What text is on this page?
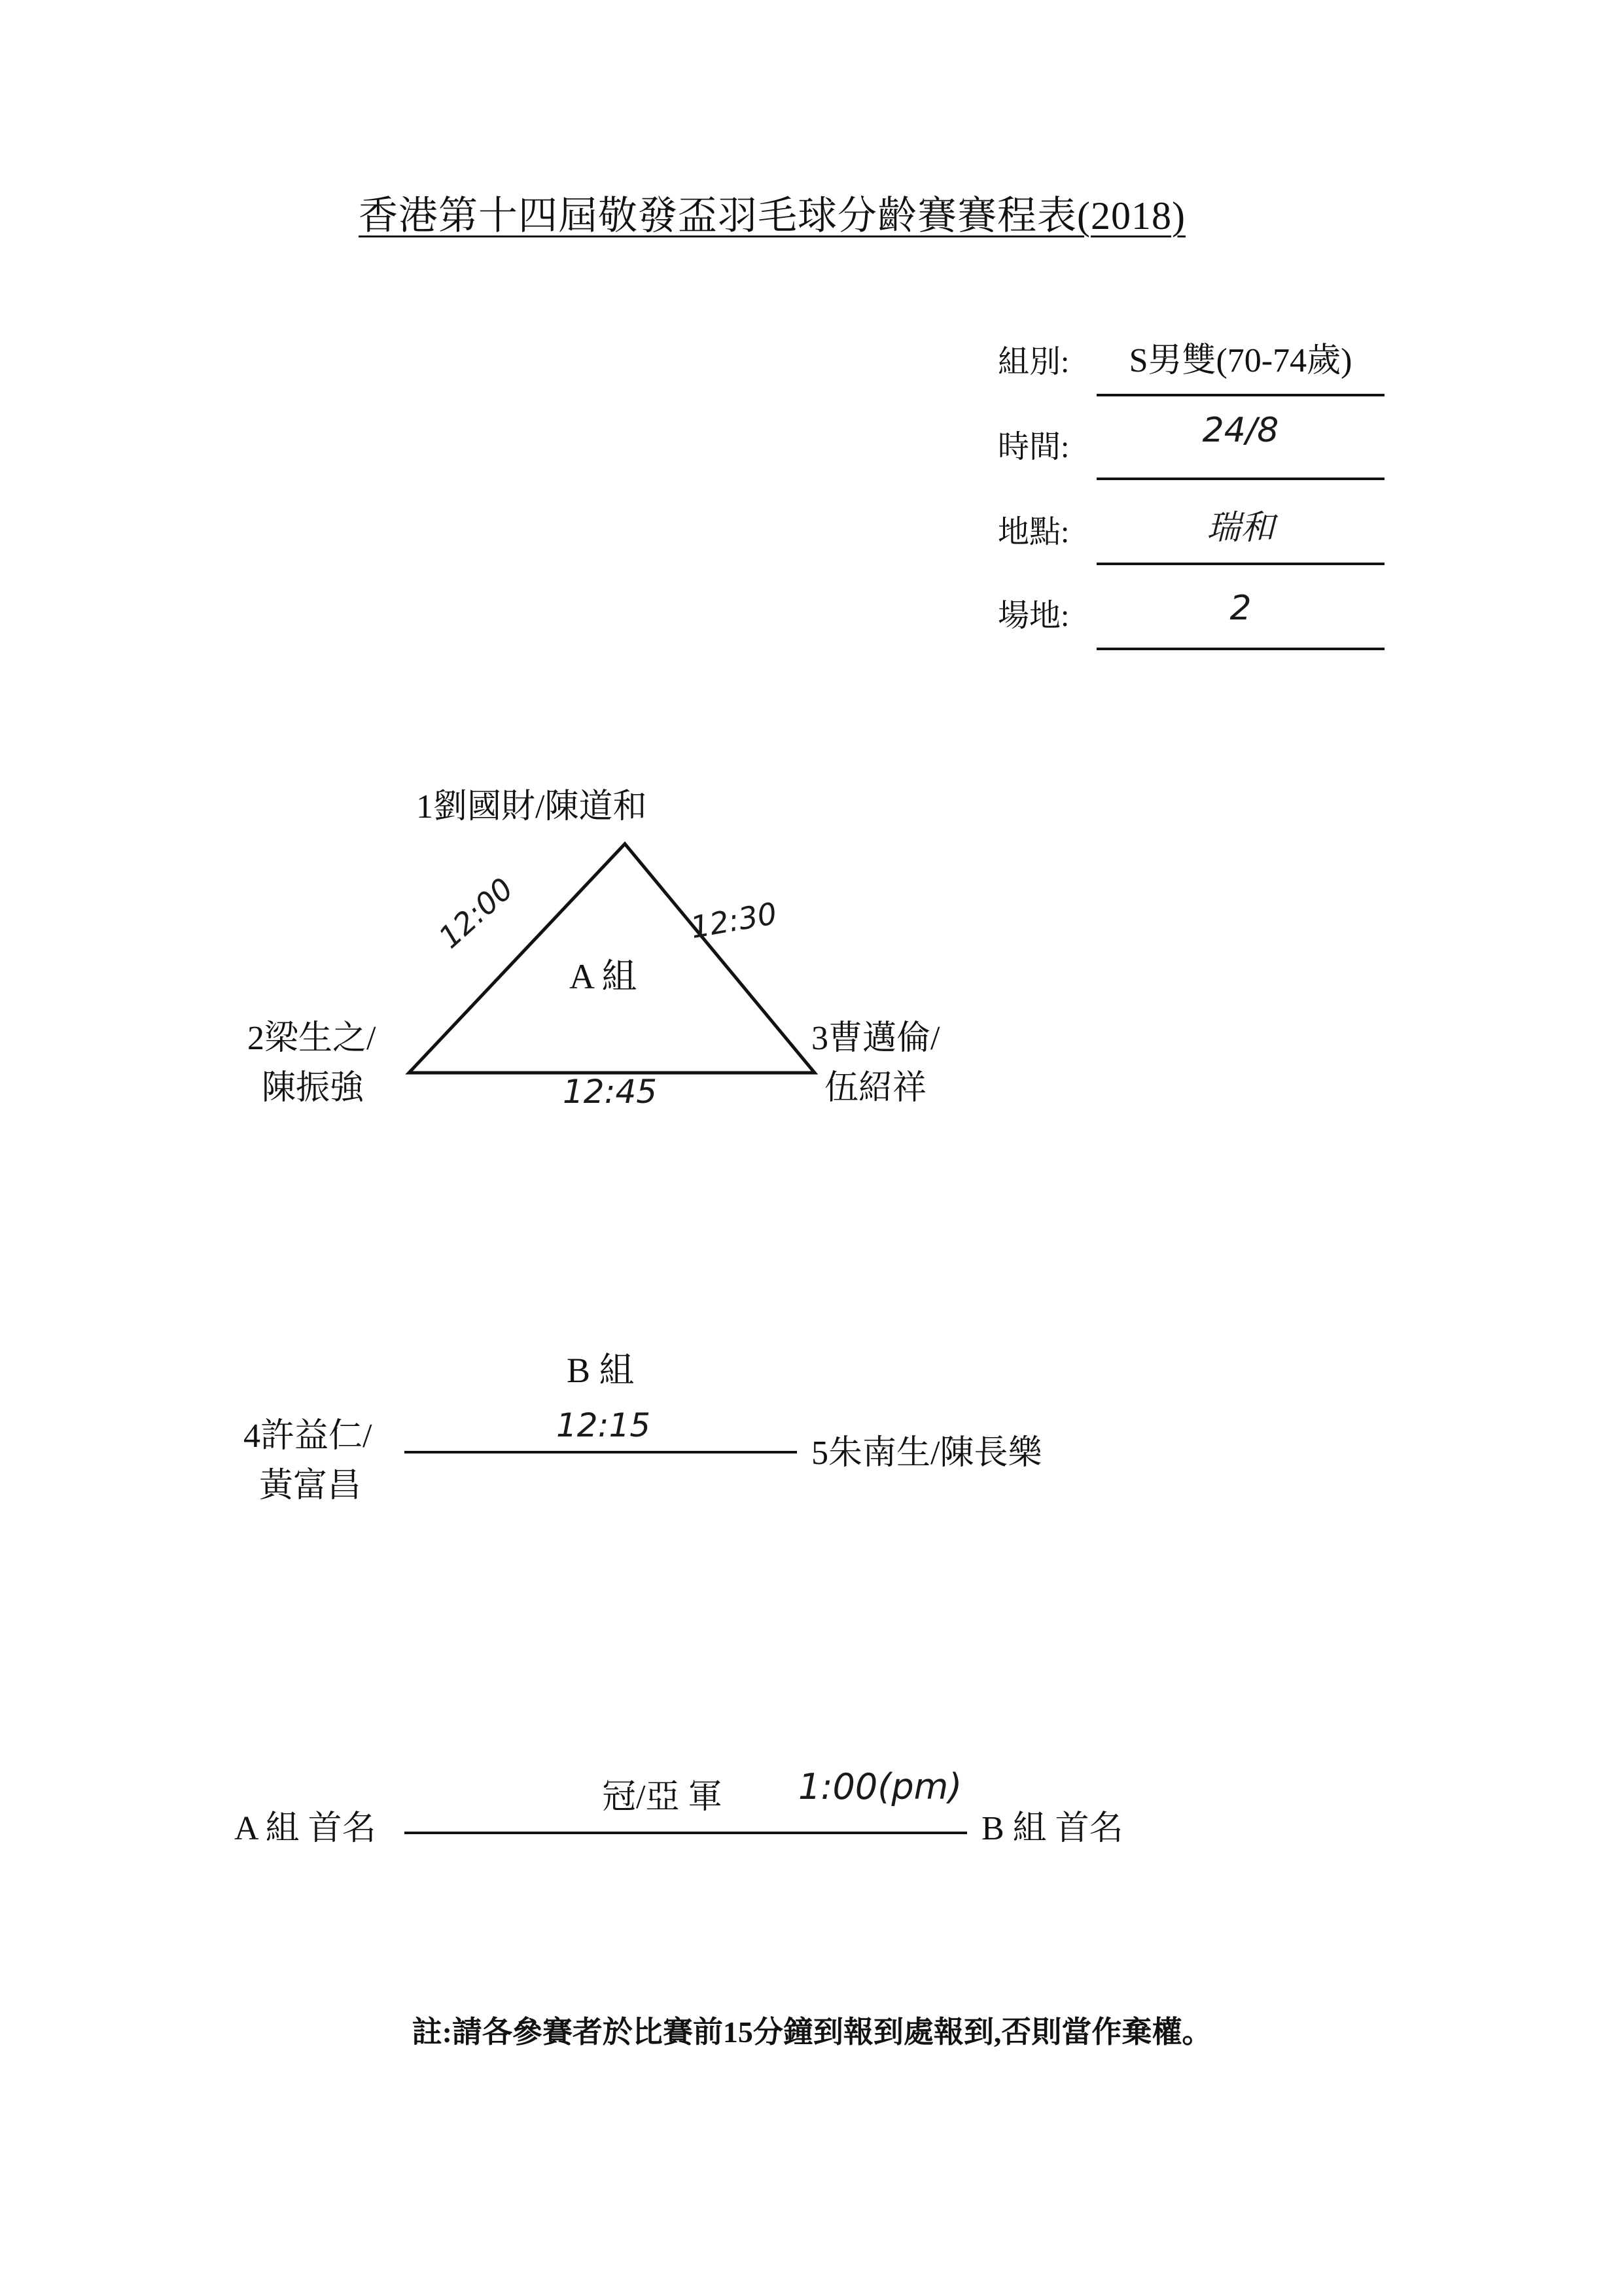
香港第十四屆敬發盃羽毛球分齡賽賽程表(2018)
組別:	S男雙(70-74歲)
時間:	24/8
地點:	瑞和
場地:	2
1劉國財/陳道和
A 組
2梁生之/
陳振強
3曹邁倫/
伍紹祥
12:00	12:30
12:45
B 組
4許益仁/
黃富昌
12:15
5朱南生/陳長樂
A 組 首名
冠/亞 軍 1:00(pm)
B 組 首名
註:請各參賽者於比賽前15分鐘到報到處報到,否則當作棄權。
